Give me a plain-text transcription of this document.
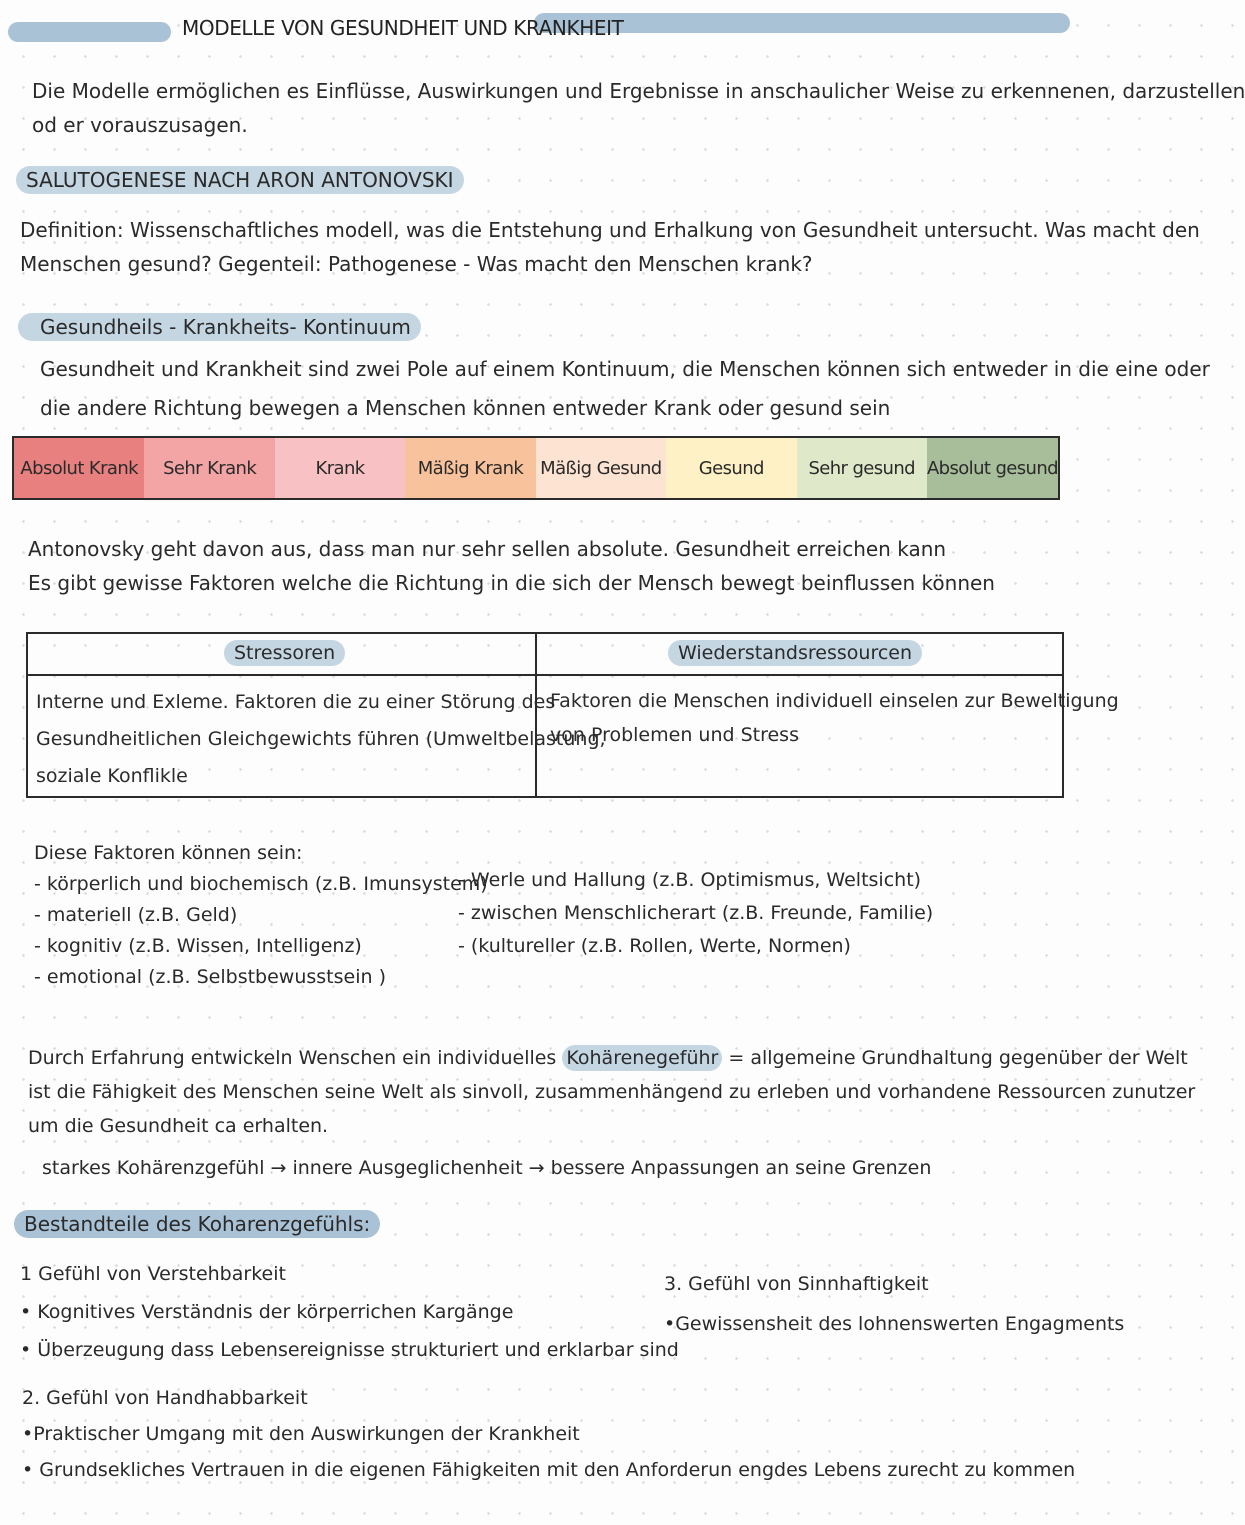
MODELLE VON GESUNDHEIT UND KRANKHEIT
Die Modelle ermöglichen es Einflüsse, Auswirkungen und Ergebnisse in anschaulicher Weise zu erkennenen, darzustellen
od er vorauszusagen.
SALUTOGENESE NACH ARON ANTONOVSKI
Definition: Wissenschaftliches modell, was die Entstehung und Erhalkung von Gesundheit untersucht. Was macht den
Menschen gesund? Gegenteil: Pathogenese - Was macht den Menschen krank?
Gesundheils - Krankheits- Kontinuum
Gesundheit und Krankheit sind zwei Pole auf einem Kontinuum, die Menschen können sich entweder in die eine oder
die andere Richtung bewegen a Menschen können entweder Krank oder gesund sein
Absolut Krank	Sehr Krank	Krank	Mäßig Krank Mäßig Gesund	Gesund	Sehr gesund Absolut gesund
Antonovsky geht davon aus, dass man nur sehr sellen absolute. Gesundheit erreichen kann
Es gibt gewisse Faktoren welche die Richtung in die sich der Mensch bewegt beinflussen können
Stressoren	Wiederstandsressourcen
Interne und Exleme. Faktoren die zu einer Störung des
Gesundheitlichen Gleichgewichts führen (Umweltbelastung,
soziale Konflikle
Faktoren die Menschen individuell einselen zur Beweltigung
von Problemen und Stress
Diese Faktoren können sein:
- körperlich und biochemisch (z.B. Imunsystem)
- materiell (z.B. Geld)
- kognitiv (z.B. Wissen, Intelligenz)
- emotional (z.B. Selbstbewusstsein )
- Werle und Hallung (z.B. Optimismus, Weltsicht)
- zwischen Menschlicherart (z.B. Freunde, Familie)
- (kultureller (z.B. Rollen, Werte, Normen)
Durch Erfahrung entwickeln Wenschen ein individuelles Kohärenegeführ = allgemeine Grundhaltung gegenüber der Welt
ist die Fähigkeit des Menschen seine Welt als sinvoll, zusammenhängend zu erleben und vorhandene Ressourcen zunutzer
um die Gesundheit ca erhalten.
starkes Kohärenzgefühl → innere Ausgeglichenheit → bessere Anpassungen an seine Grenzen
Bestandteile des Koharenzgefühls:
1 Gefühl von Verstehbarkeit
• Kognitives Verständnis der körperrichen Kargänge
• Überzeugung dass Lebensereignisse strukturiert und erklarbar sind
3. Gefühl von Sinnhaftigkeit
•Gewissensheit des lohnenswerten Engagments
2. Gefühl von Handhabbarkeit
•Praktischer Umgang mit den Auswirkungen der Krankheit
• Grundsekliches Vertrauen in die eigenen Fähigkeiten mit den Anforderun engdes Lebens zurecht zu kommen
